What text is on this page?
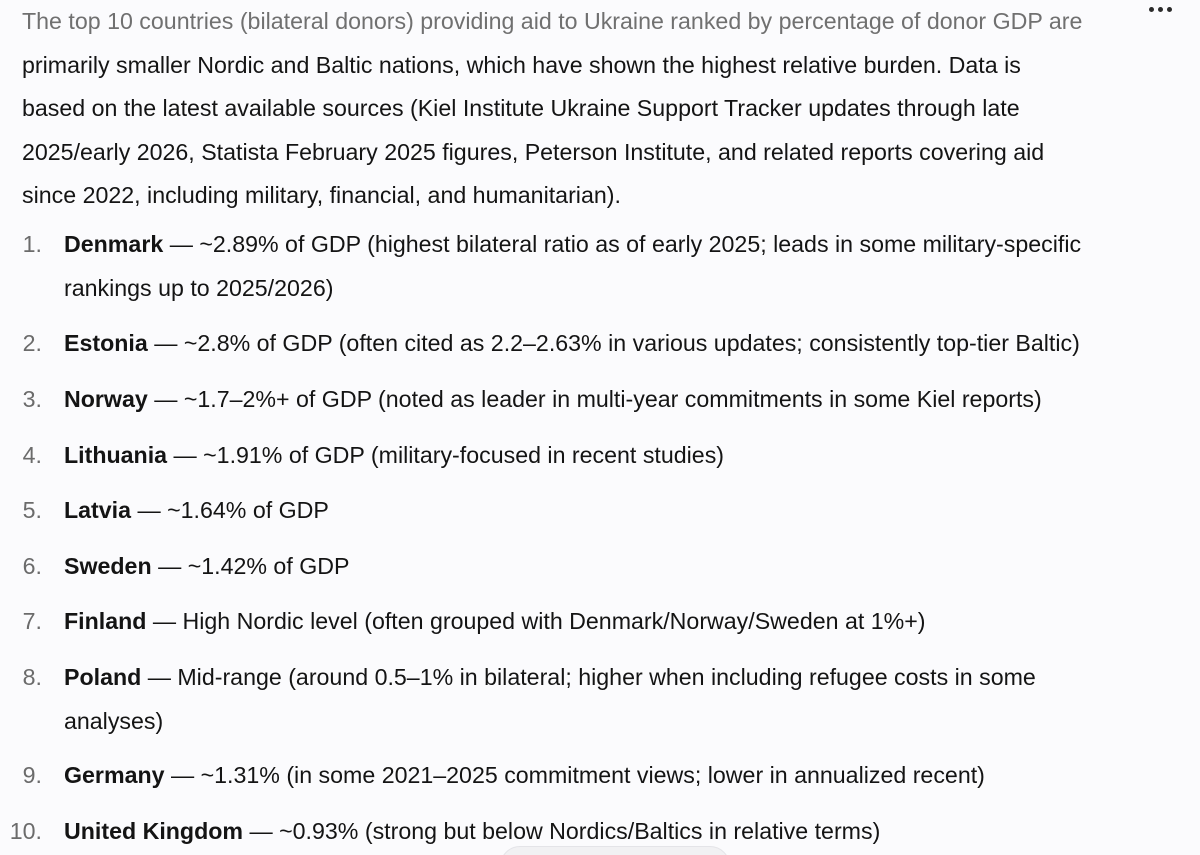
The top 10 countries (bilateral donors) providing aid to Ukraine ranked by percentage of donor GDP are
primarily smaller Nordic and Baltic nations, which have shown the highest relative burden. Data is
based on the latest available sources (Kiel Institute Ukraine Support Tracker updates through late
2025/early 2026, Statista February 2025 figures, Peterson Institute, and related reports covering aid
since 2022, including military, financial, and humanitarian).
1. Denmark — ~2.89% of GDP (highest bilateral ratio as of early 2025; leads in some military-specific
rankings up to 2025/2026)
2. Estonia — ~2.8% of GDP (often cited as 2.2–2.63% in various updates; consistently top-tier Baltic)
3. Norway — ~1.7–2%+ of GDP (noted as leader in multi-year commitments in some Kiel reports)
4. Lithuania — ~1.91% of GDP (military-focused in recent studies)
5. Latvia — ~1.64% of GDP
6. Sweden — ~1.42% of GDP
7. Finland — High Nordic level (often grouped with Denmark/Norway/Sweden at 1%+)
8. Poland — Mid-range (around 0.5–1% in bilateral; higher when including refugee costs in some
analyses)
9. Germany — ~1.31% (in some 2021–2025 commitment views; lower in annualized recent)
10. United Kingdom — ~0.93% (strong but below Nordics/Baltics in relative terms)
